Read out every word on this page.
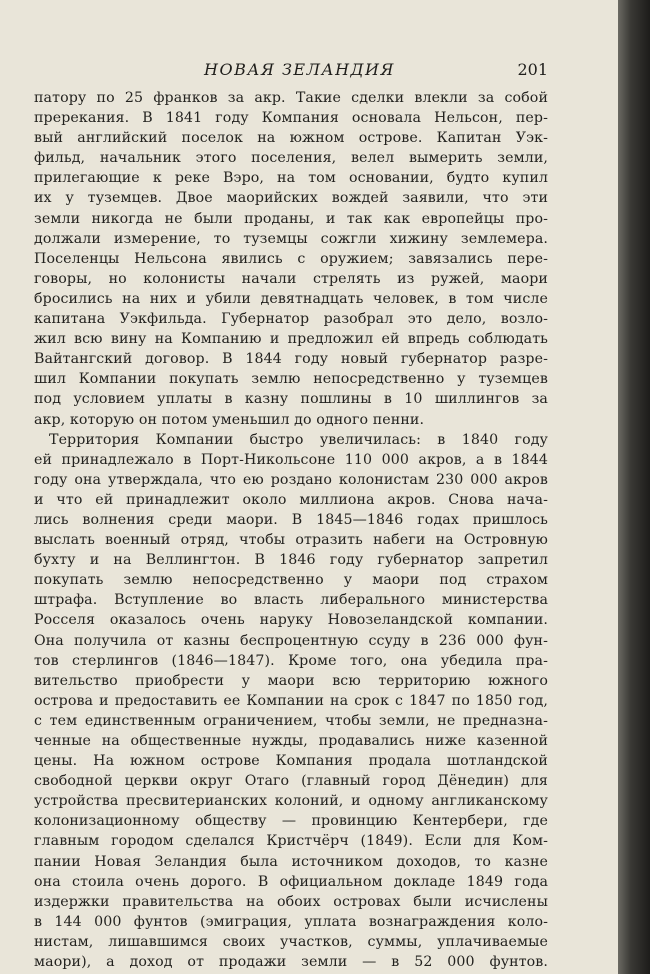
НОВАЯ ЗЕЛАНДИЯ	201

патору по 25 франков за акр. Такие сделки влекли за собой

пререкания. В 1841 году Компания основала Нельсон, пер-

вый английский поселок на южном острове. Капитан Уэк-

фильд, начальник этого поселения, велел вымерить земли,

прилегающие к реке Вэро, на том основании, будто купил

их у туземцев. Двое маорийских вождей заявили, что эти

земли никогда не были проданы, и так как европейцы про-

должали измерение, то туземцы сожгли хижину землемера.

Поселенцы Нельсона явились с оружием; завязались пере-

говоры, но колонисты начали стрелять из ружей, маори

бросились на них и убили девятнадцать человек, в том числе

капитана Уэкфильда. Губернатор разобрал это дело, возло-

жил всю вину на Компанию и предложил ей впредь соблюдать

Вайтангский договор. В 1844 году новый губернатор разре-

шил Компании покупать землю непосредственно у туземцев

под условием уплаты в казну пошлины в 10 шиллингов за

акр, которую он потом уменьшил до одного пенни.

Территория Компании быстро увеличилась: в 1840 году

ей принадлежало в Порт-Никольсоне 110 000 акров, а в 1844

году она утверждала, что ею роздано колонистам 230 000 акров

и что ей принадлежит около миллиона акров. Снова нача-

лись волнения среди маори. В 1845—1846 годах пришлось

выслать военный отряд, чтобы отразить набеги на Островную

бухту и на Веллингтон. В 1846 году губернатор запретил

покупать землю непосредственно у маори под страхом

штрафа. Вступление во власть либерального министерства

Росселя оказалось очень наруку Новозеландской компании.

Она получила от казны беспроцентную ссуду в 236 000 фун-

тов стерлингов (1846—1847). Кроме того, она убедила пра-

вительство приобрести у маори всю территорию южного

острова и предоставить ее Компании на срок с 1847 по 1850 год,

с тем единственным ограничением, чтобы земли, не предназна-

ченные на общественные нужды, продавались ниже казенной

цены. На южном острове Компания продала шотландской

свободной церкви округ Отаго (главный город Дёнедин) для

устройства пресвитерианских колоний, и одному англиканскому

колонизационному обществу — провинцию Кентербери, где

главным городом сделался Кристчёрч (1849). Если для Ком-

пании Новая Зеландия была источником доходов, то казне

она стоила очень дорого. В официальном докладе 1849 года

издержки правительства на обоих островах были исчислены

в 144 000 фунтов (эмиграция, уплата вознаграждения коло-

нистам, лишавшимся своих участков, суммы, уплачиваемые

маори), а доход от продажи земли — в 52 000 фунтов.
